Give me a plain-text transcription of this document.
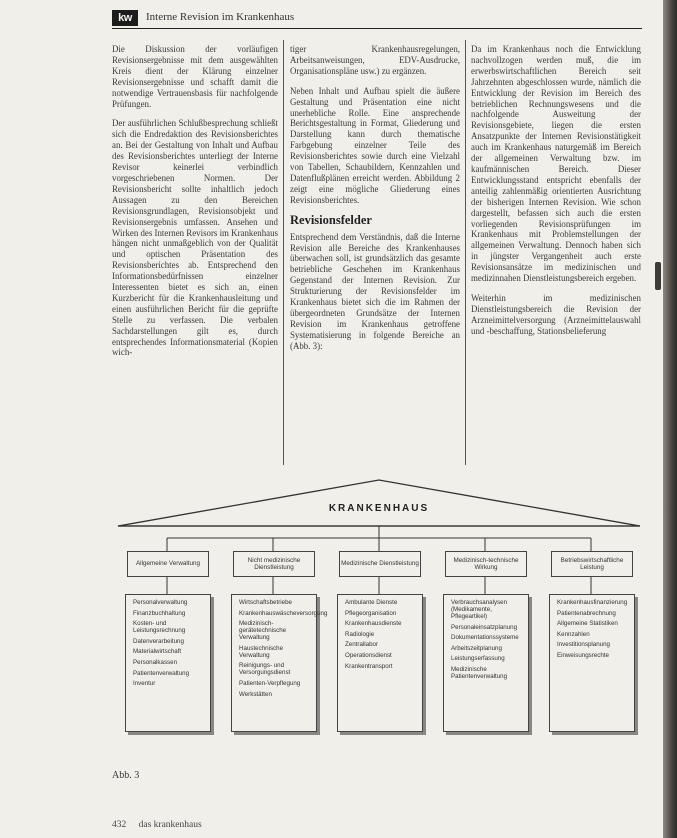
kw	Interne Revision im Krankenhaus

Die Diskussion der vorläufigen Revisionsergebnisse mit dem ausgewählten Kreis dient der Klärung einzelner Revisionsergebnisse und schafft damit die notwendige Vertrauensbasis für nachfolgende Prüfungen.

Der ausführlichen Schlußbesprechung schließt sich die Endredaktion des Revisionsberichtes an. Bei der Gestaltung von Inhalt und Aufbau des Revisionsberichtes unterliegt der Interne Revisor keinerlei verbindlich vorgeschriebenen Normen. Der Revisionsbericht sollte inhaltlich jedoch Aussagen zu den Bereichen Revisionsgrundlagen, Revisionsobjekt und Revisionsergebnis umfassen. Ansehen und Wirken des Internen Revisors im Krankenhaus hängen nicht unmaßgeblich von der Qualität und optischen Präsentation des Revisionsberichtes ab. Entsprechend den Informationsbedürfnissen einzelner Interessenten bietet es sich an, einen Kurzbericht für die Krankenhausleitung und einen ausführlichen Bericht für die geprüfte Stelle zu verfassen. Die verbalen Sachdarstellungen gilt es, durch entsprechendes Informationsmaterial (Kopien wich-

tiger Krankenhausregelungen, Arbeitsanweisungen, EDV-Ausdrucke, Organisationspläne usw.) zu ergänzen.

Neben Inhalt und Aufbau spielt die äußere Gestaltung und Präsentation eine nicht unerhebliche Rolle. Eine ansprechende Berichtsgestaltung in Format, Gliederung und Darstellung kann durch thematische Farbgebung einzelner Teile des Revisionsberichtes sowie durch eine Vielzahl von Tabellen, Schaubildern, Kennzahlen und Datenflußplänen erreicht werden. Abbildung 2 zeigt eine mögliche Gliederung eines Revisionsberichtes.

Revisionsfelder

Entsprechend dem Verständnis, daß die Interne Revision alle Bereiche des Krankenhauses überwachen soll, ist grundsätzlich das gesamte betriebliche Geschehen im Krankenhaus Gegenstand der Internen Revision. Zur Strukturierung der Revisionsfelder im Krankenhaus bietet sich die im Rahmen der übergeordneten Grundsätze der Internen Revision im Krankenhaus getroffene Systematisierung in folgende Bereiche an (Abb. 3):

Da im Krankenhaus noch die Entwicklung nachvollzogen werden muß, die im erwerbswirtschaftlichen Bereich seit Jahrzehnten abgeschlossen wurde, nämlich die Entwicklung der Revision im Bereich des betrieblichen Rechnungswesens und die nachfolgende Ausweitung der Revisionsgebiete, liegen die ersten Ansatzpunkte der Internen Revisionstätigkeit auch im Krankenhaus naturgemäß im Bereich der allgemeinen Verwaltung bzw. im kaufmännischen Bereich. Dieser Entwicklungsstand entspricht ebenfalls der anteilig zahlenmäßig orientierten Ausrichtung der bisherigen Internen Revision. Wie schon dargestellt, befassen sich auch die ersten vorliegenden Revisionsprüfungen im Krankenhaus mit Problemstellungen der allgemeinen Verwaltung. Dennoch haben sich in jüngster Vergangenheit auch erste Revisionsansätze im medizinischen und medizinnahen Dienstleistungsbereich ergeben.

Weiterhin im medizinischen Dienstleistungsbereich die Revision der Arzneimittelversorgung (Arzneimittelauswahl und -beschaffung, Stationsbelieferung

KRANKENHAUS
Allgemeine Verwaltung
Personalverwaltung
Finanzbuchhaltung
Kosten- und Leistungsrechnung
Datenverarbeitung
Materialwirtschaft
Personalkassen
Patientenverwaltung
Inventur
Nicht medizinische Dienstleistung
Wirtschaftsbetriebe
Krankenhauswäscheversorgung
Medizinisch-gerätetechnische Verwaltung
Haustechnische Verwaltung
Reinigungs- und Versorgungsdienst
Patienten-Verpflegung
Werkstätten
Medizinische Dienstleistung
Ambulante Dienste
Pflegeorganisation
Krankenhausdienste
Radiologie
Zentrallabor
Operationsdienst
Krankentransport
Medizinisch-technische Wirkung
Verbrauchsanalysen (Medikamente, Pflegeartikel)
Personaleinsatzplanung
Dokumentationssysteme
Arbeitszeitplanung
Leistungserfassung
Medizinische Patientenverwaltung
Betriebswirtschaftliche Leistung
Krankenhausfinanzierung
Patientenabrechnung
Allgemeine Statistiken
Kennzahlen
Investitionsplanung
Einweisungsrechte
Abb. 3
432 das krankenhaus
